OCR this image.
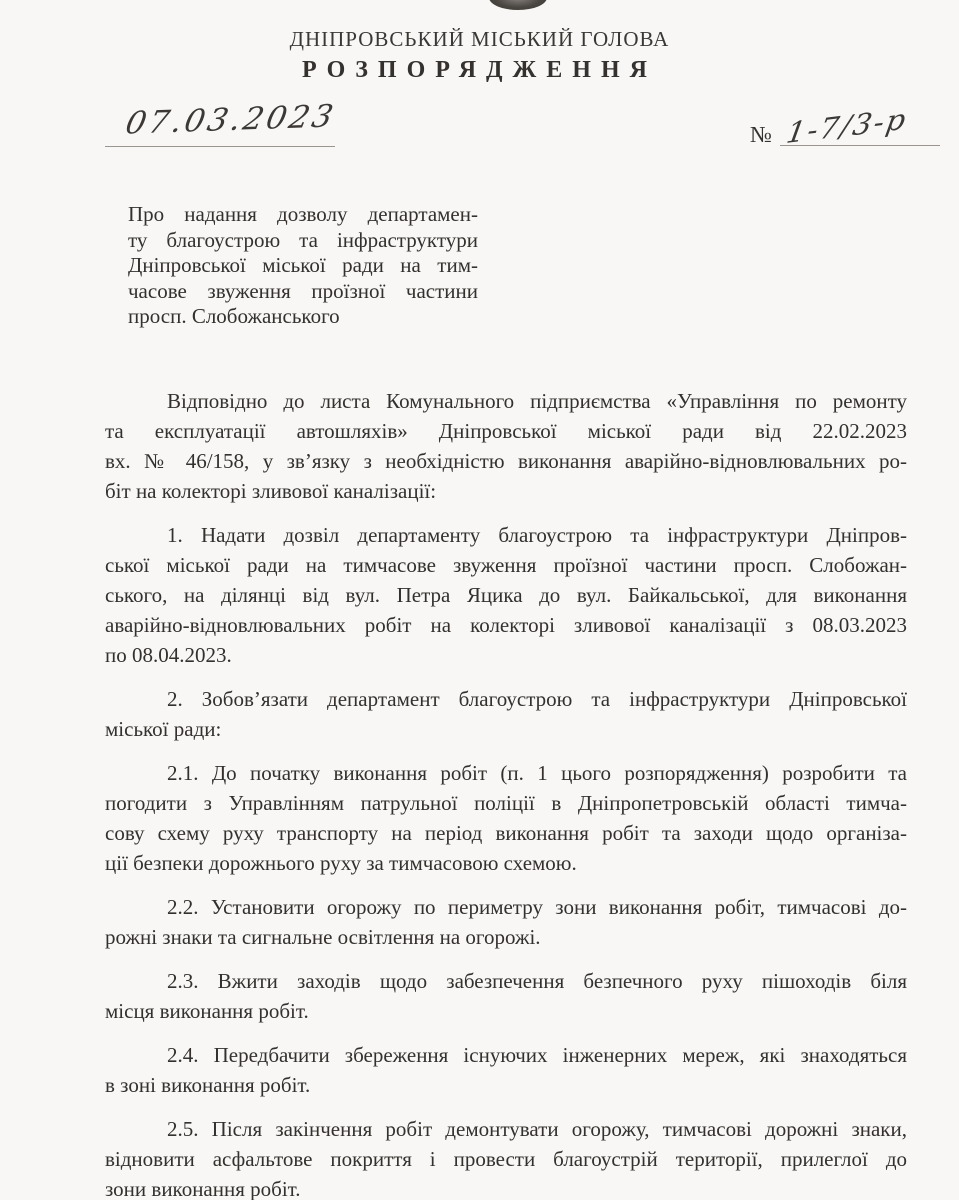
ДНІПРОВСЬКИЙ МІСЬКИЙ ГОЛОВА
РОЗПОРЯДЖЕННЯ
07.03.2023	№ 1-7/3-р
Про надання дозволу департамен-
ту благоустрою та інфраструктури
Дніпровської міської ради на тим-
часове звуження проїзної частини
просп. Слобожанського
Відповідно до листа Комунального підприємства «Управління по ремонту
та експлуатації автошляхів» Дніпровської міської ради від 22.02.2023
вх. № 46/158, у зв’язку з необхідністю виконання аварійно-відновлювальних ро-
біт на колекторі зливової каналізації:
1. Надати дозвіл департаменту благоустрою та інфраструктури Дніпров-
ської міської ради на тимчасове звуження проїзної частини просп. Слобожан-
ського, на ділянці від вул. Петра Яцика до вул. Байкальської, для виконання
аварійно-відновлювальних робіт на колекторі зливової каналізації з 08.03.2023
по 08.04.2023.
2. Зобов’язати департамент благоустрою та інфраструктури Дніпровської
міської ради:
2.1. До початку виконання робіт (п. 1 цього розпорядження) розробити та
погодити з Управлінням патрульної поліції в Дніпропетровській області тимча-
сову схему руху транспорту на період виконання робіт та заходи щодо організа-
ції безпеки дорожнього руху за тимчасовою схемою.
2.2. Установити огорожу по периметру зони виконання робіт, тимчасові до-
рожні знаки та сигнальне освітлення на огорожі.
2.3. Вжити заходів щодо забезпечення безпечного руху пішоходів біля
місця виконання робіт.
2.4. Передбачити збереження існуючих інженерних мереж, які знаходяться
в зоні виконання робіт.
2.5. Після закінчення робіт демонтувати огорожу, тимчасові дорожні знаки,
відновити асфальтове покриття і провести благоустрій території, прилеглої до
зони виконання робіт.
